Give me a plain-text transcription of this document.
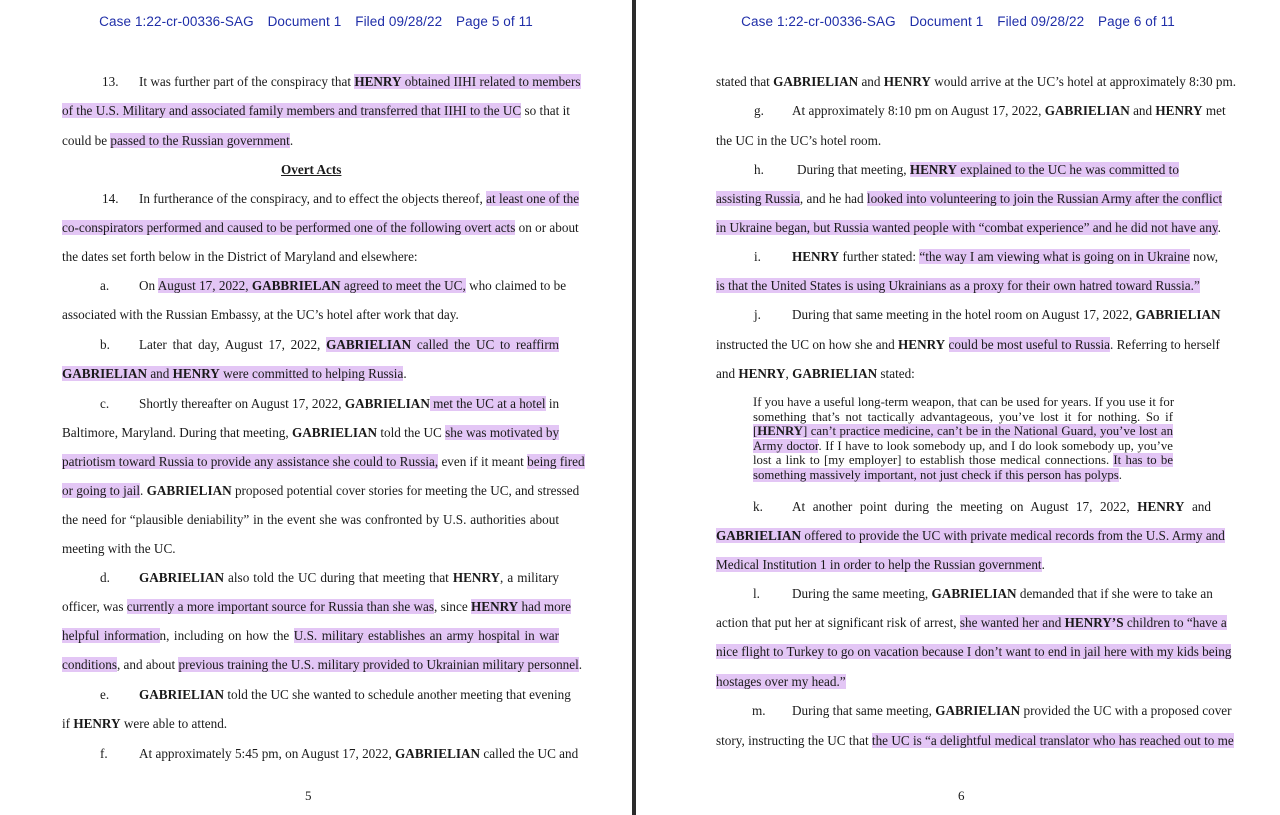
Case 1:22-cr-00336-SAG Document 1 Filed 09/28/22 Page 5 of 11
13. It was further part of the conspiracy that HENRY obtained IIHI related to members
of the U.S. Military and associated family members and transferred that IIHI to the UC so that it
could be passed to the Russian government.
Overt Acts
14. In furtherance of the conspiracy, and to effect the objects thereof, at least one of the
co-conspirators performed and caused to be performed one of the following overt acts on or about
the dates set forth below in the District of Maryland and elsewhere:
a. On August 17, 2022, GABBRIELAN agreed to meet the UC, who claimed to be
associated with the Russian Embassy, at the UC’s hotel after work that day.
b. Later that day, August 17, 2022, GABRIELIAN called the UC to reaffirm
GABRIELIAN and HENRY were committed to helping Russia.
c. Shortly thereafter on August 17, 2022, GABRIELIAN met the UC at a hotel in
Baltimore, Maryland. During that meeting, GABRIELIAN told the UC she was motivated by
patriotism toward Russia to provide any assistance she could to Russia, even if it meant being fired
or going to jail. GABRIELIAN proposed potential cover stories for meeting the UC, and stressed
the need for “plausible deniability” in the event she was confronted by U.S. authorities about
meeting with the UC.
d. GABRIELIAN also told the UC during that meeting that HENRY, a military
officer, was currently a more important source for Russia than she was, since HENRY had more
helpful information, including on how the U.S. military establishes an army hospital in war
conditions, and about previous training the U.S. military provided to Ukrainian military personnel.
e. GABRIELIAN told the UC she wanted to schedule another meeting that evening
if HENRY were able to attend.
f. At approximately 5:45 pm, on August 17, 2022, GABRIELIAN called the UC and
5
Case 1:22-cr-00336-SAG Document 1 Filed 09/28/22 Page 6 of 11
stated that GABRIELIAN and HENRY would arrive at the UC’s hotel at approximately 8:30 pm.
g. At approximately 8:10 pm on August 17, 2022, GABRIELIAN and HENRY met
the UC in the UC’s hotel room.
h.	During that meeting, HENRY explained to the UC he was committed to
assisting Russia, and he had looked into volunteering to join the Russian Army after the conflict
in Ukraine began, but Russia wanted people with “combat experience” and he did not have any.
i. HENRY further stated: “the way I am viewing what is going on in Ukraine now,
is that the United States is using Ukrainians as a proxy for their own hatred toward Russia.”
j. During that same meeting in the hotel room on August 17, 2022, GABRIELIAN
instructed the UC on how she and HENRY could be most useful to Russia. Referring to herself
and HENRY, GABRIELIAN stated:
If you have a useful long-term weapon, that can be used for years. If you use it for
something that’s not tactically advantageous, you’ve lost it for nothing. So if
[HENRY] can’t practice medicine, can’t be in the National Guard, you’ve lost an
Army doctor. If I have to look somebody up, and I do look somebody up, you’ve
lost a link to [my employer] to establish those medical connections. It has to be
something massively important, not just check if this person has polyps.
k. At another point during the meeting on August 17, 2022, HENRY and
GABRIELIAN offered to provide the UC with private medical records from the U.S. Army and
Medical Institution 1 in order to help the Russian government.
l. During the same meeting, GABRIELIAN demanded that if she were to take an
action that put her at significant risk of arrest, she wanted her and HENRY’S children to “have a
nice flight to Turkey to go on vacation because I don’t want to end in jail here with my kids being
hostages over my head.”
m. During that same meeting, GABRIELIAN provided the UC with a proposed cover
story, instructing the UC that the UC is “a delightful medical translator who has reached out to me
6
